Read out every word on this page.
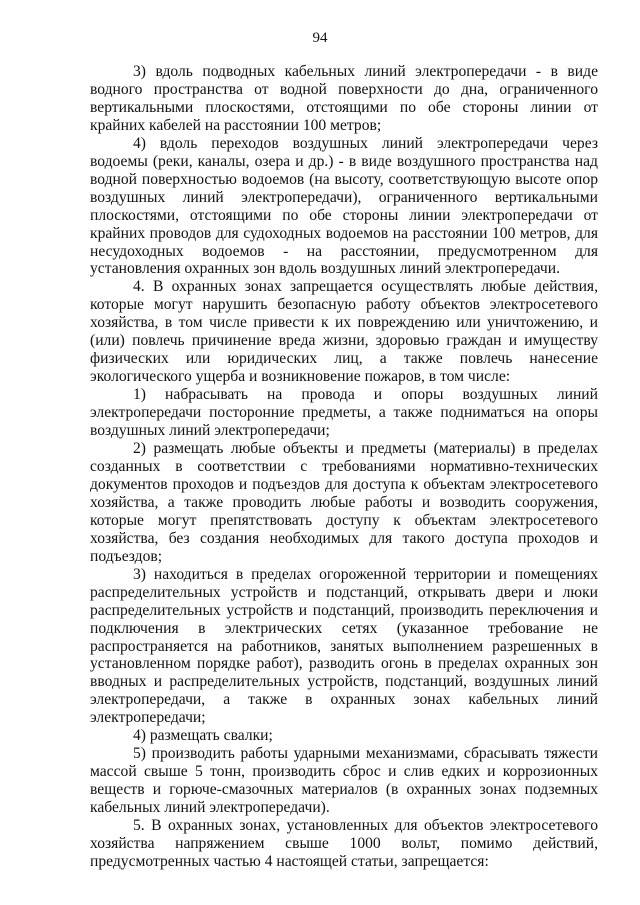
94

3) вдоль подводных кабельных линий электропередачи - в виде водного пространства от водной поверхности до дна, ограниченного вертикальными плоскостями, отстоящими по обе стороны линии от крайних кабелей на расстоянии 100 метров;

4) вдоль переходов воздушных линий электропередачи через водоемы (реки, каналы, озера и др.) - в виде воздушного пространства над водной поверхностью водоемов (на высоту, соответствующую высоте опор воздушных линий электропередачи), ограниченного вертикальными плоскостями, отстоящими по обе стороны линии электропередачи от крайних проводов для судоходных водоемов на расстоянии 100 метров, для несудоходных водоемов - на расстоянии, предусмотренном для установления охранных зон вдоль воздушных линий электропередачи.

4. В охранных зонах запрещается осуществлять любые действия, которые могут нарушить безопасную работу объектов электросетевого хозяйства, в том числе привести к их повреждению или уничтожению, и (или) повлечь причинение вреда жизни, здоровью граждан и имуществу физических или юридических лиц, а также повлечь нанесение экологического ущерба и возникновение пожаров, в том числе:

1) набрасывать на провода и опоры воздушных линий электропередачи посторонние предметы, а также подниматься на опоры воздушных линий электропередачи;

2) размещать любые объекты и предметы (материалы) в пределах созданных в соответствии с требованиями нормативно-технических документов проходов и подъездов для доступа к объектам электросетевого хозяйства, а также проводить любые работы и возводить сооружения, которые могут препятствовать доступу к объектам электросетевого хозяйства, без создания необходимых для такого доступа проходов и подъездов;

3) находиться в пределах огороженной территории и помещениях распределительных устройств и подстанций, открывать двери и люки распределительных устройств и подстанций, производить переключения и подключения в электрических сетях (указанное требование не распространяется на работников, занятых выполнением разрешенных в установленном порядке работ), разводить огонь в пределах охранных зон вводных и распределительных устройств, подстанций, воздушных линий электропередачи, а также в охранных зонах кабельных линий электропередачи;

4) размещать свалки;

5) производить работы ударными механизмами, сбрасывать тяжести массой свыше 5 тонн, производить сброс и слив едких и коррозионных веществ и горюче-смазочных материалов (в охранных зонах подземных кабельных линий электропередачи).

5. В охранных зонах, установленных для объектов электросетевого хозяйства напряжением свыше 1000 вольт, помимо действий, предусмотренных частью 4 настоящей статьи, запрещается:
